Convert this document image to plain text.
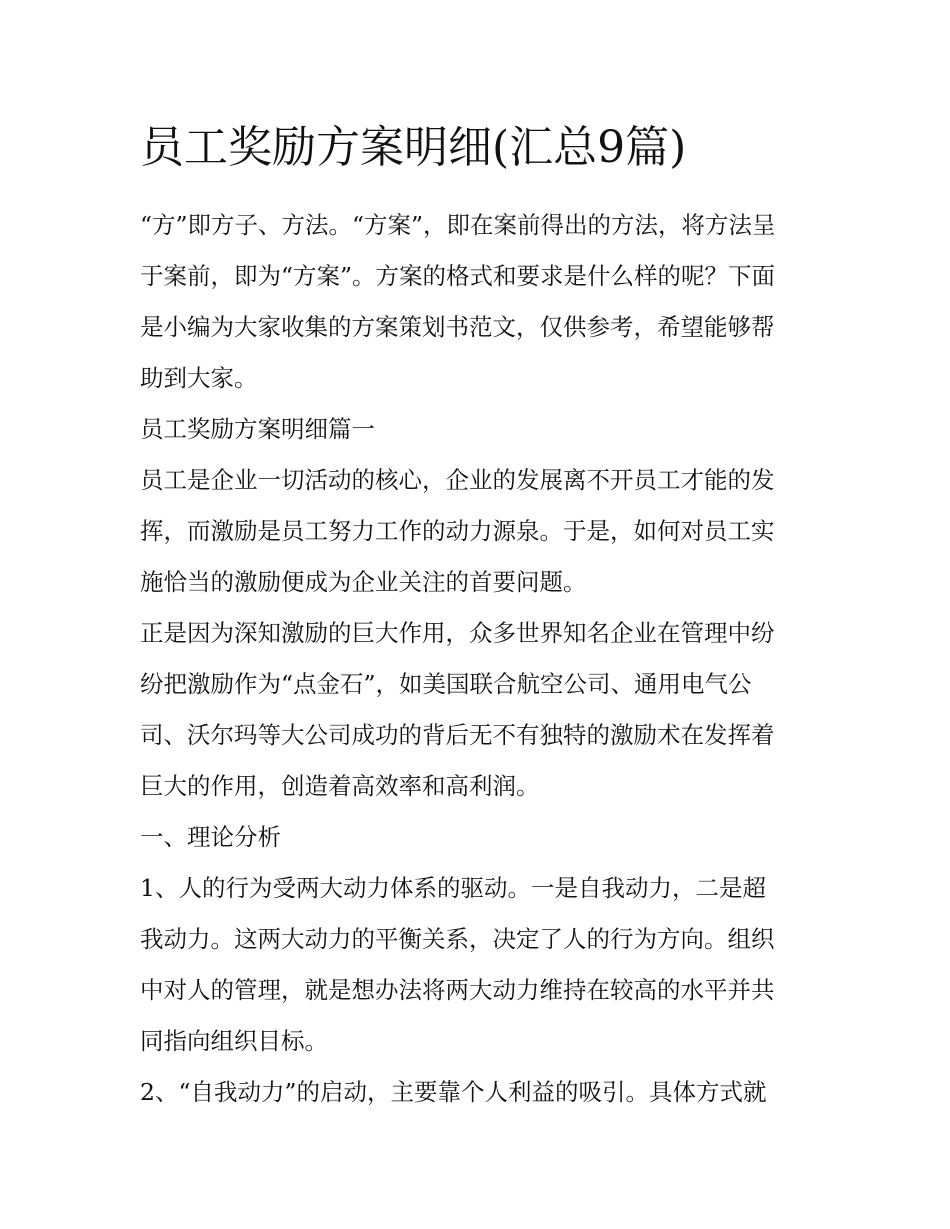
员工奖励方案明细(汇总9篇)
“方”即方子、方法。“方案”，即在案前得出的方法，将方法呈
于案前，即为“方案”。方案的格式和要求是什么样的呢？下面
是小编为大家收集的方案策划书范文，仅供参考，希望能够帮
助到大家。
员工奖励方案明细篇一
员工是企业一切活动的核心，企业的发展离不开员工才能的发
挥，而激励是员工努力工作的动力源泉。于是，如何对员工实
施恰当的激励便成为企业关注的首要问题。
正是因为深知激励的巨大作用，众多世界知名企业在管理中纷
纷把激励作为“点金石”，如美国联合航空公司、通用电气公
司、沃尔玛等大公司成功的背后无不有独特的激励术在发挥着
巨大的作用，创造着高效率和高利润。
一、理论分析
1、人的行为受两大动力体系的驱动。一是自我动力，二是超
我动力。这两大动力的平衡关系，决定了人的行为方向。组织
中对人的管理，就是想办法将两大动力维持在较高的水平并共
同指向组织目标。
2、“自我动力”的启动，主要靠个人利益的吸引。具体方式就
